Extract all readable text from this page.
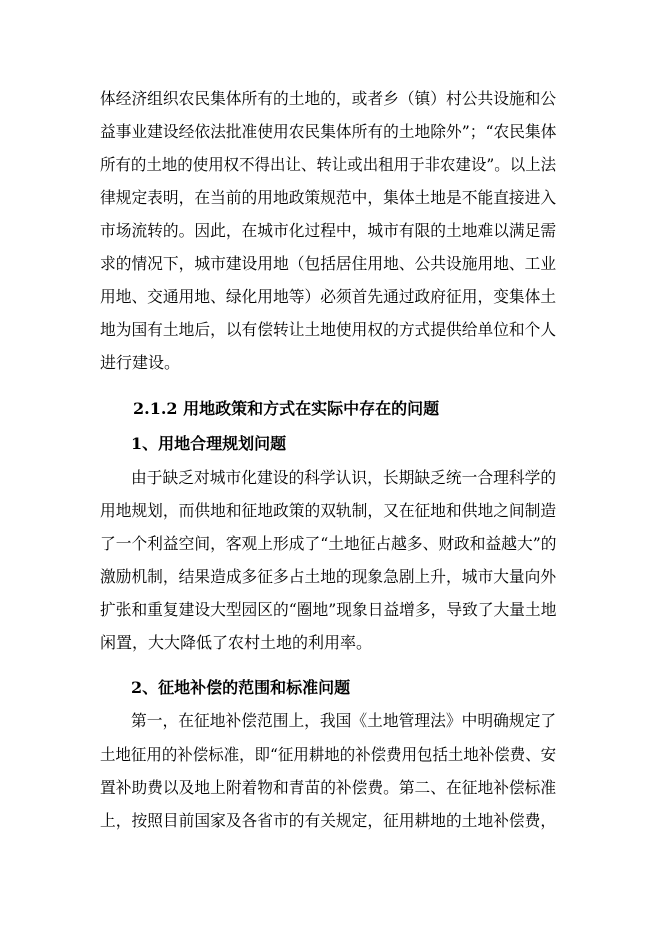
体经济组织农民集体所有的土地的，或者乡（镇）村公共设施和公
益事业建设经依法批准使用农民集体所有的土地除外”；“农民集体
所有的土地的使用权不得出让、转让或出租用于非农建设”。以上法
律规定表明，在当前的用地政策规范中，集体土地是不能直接进入
市场流转的。因此，在城市化过程中，城市有限的土地难以满足需
求的情况下，城市建设用地（包括居住用地、公共设施用地、工业
用地、交通用地、绿化用地等）必须首先通过政府征用，变集体土
地为国有土地后，以有偿转让土地使用权的方式提供给单位和个人
进行建设。
2.1.2 用地政策和方式在实际中存在的问题
1、用地合理规划问题
由于缺乏对城市化建设的科学认识，长期缺乏统一合理科学的
用地规划，而供地和征地政策的双轨制，又在征地和供地之间制造
了一个利益空间，客观上形成了“土地征占越多、财政和益越大”的
激励机制，结果造成多征多占土地的现象急剧上升，城市大量向外
扩张和重复建设大型园区的“圈地”现象日益增多，导致了大量土地
闲置，大大降低了农村土地的利用率。
2、征地补偿的范围和标准问题
第一，在征地补偿范围上，我国《土地管理法》中明确规定了
土地征用的补偿标准，即“征用耕地的补偿费用包括土地补偿费、安
置补助费以及地上附着物和青苗的补偿费。第二、在征地补偿标准
上，按照目前国家及各省市的有关规定，征用耕地的土地补偿费，
